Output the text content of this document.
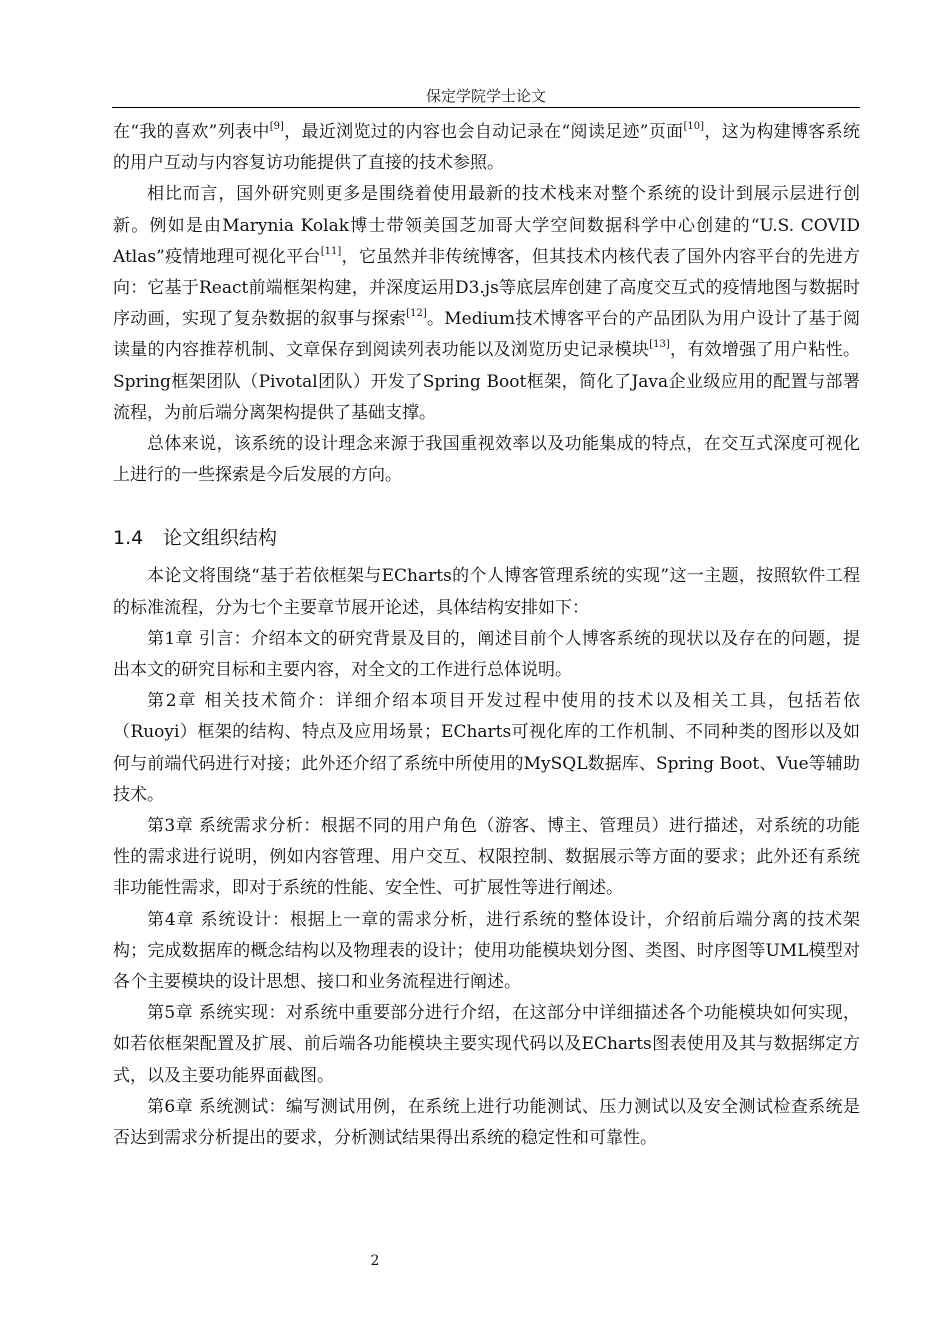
保定学院学士论文

在“我的喜欢”列表中[9]，最近浏览过的内容也会自动记录在“阅读足迹”页面[10]，这为构建博客系统的用户互动与内容复访功能提供了直接的技术参照。

相比而言，国外研究则更多是围绕着使用最新的技术栈来对整个系统的设计到展示层进行创新。例如是由Marynia Kolak博士带领美国芝加哥大学空间数据科学中心创建的“U.S. COVID Atlas”疫情地理可视化平台[11]，它虽然并非传统博客，但其技术内核代表了国外内容平台的先进方向：它基于React前端框架构建，并深度运用D3.js等底层库创建了高度交互式的疫情地图与数据时序动画，实现了复杂数据的叙事与探索[12]。Medium技术博客平台的产品团队为用户设计了基于阅读量的内容推荐机制、文章保存到阅读列表功能以及浏览历史记录模块[13]，有效增强了用户粘性。Spring框架团队（Pivotal团队）开发了Spring Boot框架，简化了Java企业级应用的配置与部署流程，为前后端分离架构提供了基础支撑。

总体来说，该系统的设计理念来源于我国重视效率以及功能集成的特点，在交互式深度可视化上进行的一些探索是今后发展的方向。

1.4 论文组织结构

本论文将围绕“基于若依框架与ECharts的个人博客管理系统的实现”这一主题，按照软件工程的标准流程，分为七个主要章节展开论述，具体结构安排如下：

第1章 引言：介绍本文的研究背景及目的，阐述目前个人博客系统的现状以及存在的问题，提出本文的研究目标和主要内容，对全文的工作进行总体说明。

第2章 相关技术简介：详细介绍本项目开发过程中使用的技术以及相关工具，包括若依（Ruoyi）框架的结构、特点及应用场景；ECharts可视化库的工作机制、不同种类的图形以及如何与前端代码进行对接；此外还介绍了系统中所使用的MySQL数据库、Spring Boot、Vue等辅助技术。

第3章 系统需求分析：根据不同的用户角色（游客、博主、管理员）进行描述，对系统的功能性的需求进行说明，例如内容管理、用户交互、权限控制、数据展示等方面的要求；此外还有系统非功能性需求，即对于系统的性能、安全性、可扩展性等进行阐述。

第4章 系统设计：根据上一章的需求分析，进行系统的整体设计，介绍前后端分离的技术架构；完成数据库的概念结构以及物理表的设计；使用功能模块划分图、类图、时序图等UML模型对各个主要模块的设计思想、接口和业务流程进行阐述。

第5章 系统实现：对系统中重要部分进行介绍，在这部分中详细描述各个功能模块如何实现，如若依框架配置及扩展、前后端各功能模块主要实现代码以及ECharts图表使用及其与数据绑定方式，以及主要功能界面截图。

第6章 系统测试：编写测试用例，在系统上进行功能测试、压力测试以及安全测试检查系统是否达到需求分析提出的要求，分析测试结果得出系统的稳定性和可靠性。

2
